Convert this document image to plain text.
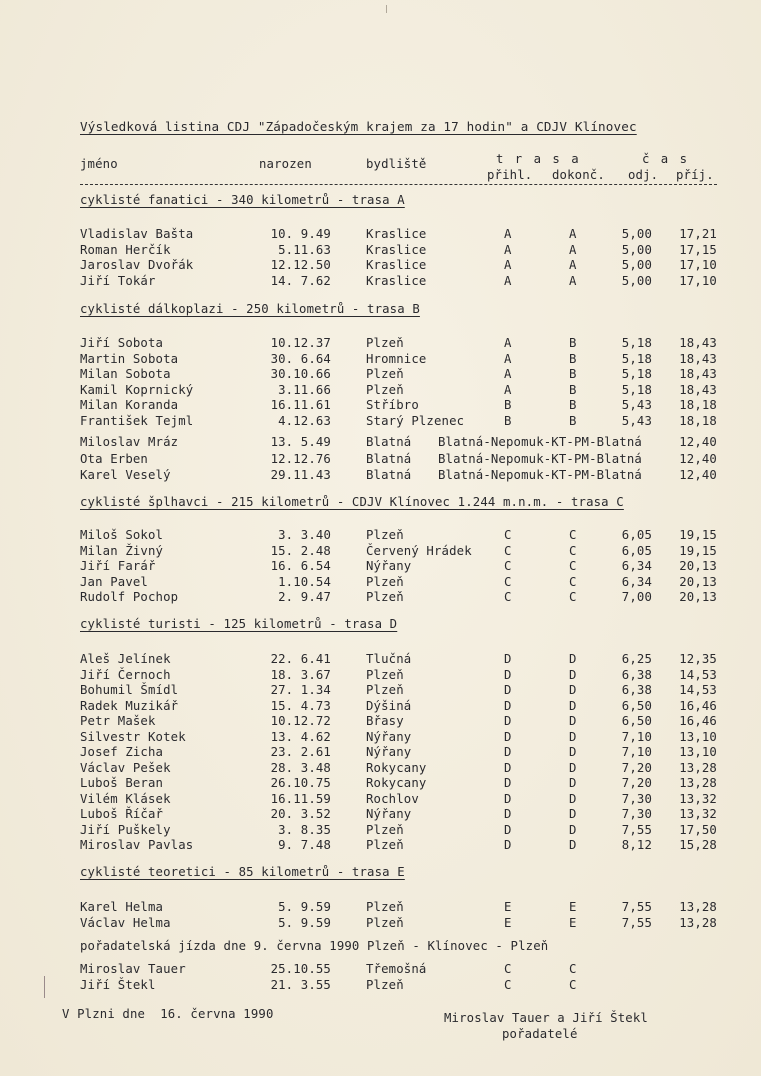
Výsledková listina CDJ "Západočeským krajem za 17 hodin" a CDJV Klínovec
jméno	narozen	bydliště	t r a s a	č a s
přihl. dokonč. odj. příj.
cyklisté fanatici - 340 kilometrů - trasa A
Vladislav Bašta	10. 9.49	Kraslice	A	A	5,00	17,21
Roman Herčík	5.11.63	Kraslice	A	A	5,00	17,15
Jaroslav Dvořák	12.12.50	Kraslice	A	A	5,00	17,10
Jiří Tokár	14. 7.62	Kraslice	A	A	5,00	17,10
cyklisté dálkoplazi - 250 kilometrů - trasa B
Jiří Sobota	10.12.37	Plzeň	A	B	5,18	18,43
Martin Sobota	30. 6.64	Hromnice	A	B	5,18	18,43
Milan Sobota	30.10.66	Plzeň	A	B	5,18	18,43
Kamil Koprnický	3.11.66	Plzeň	A	B	5,18	18,43
Milan Koranda	16.11.61	Stříbro	B	B	5,43	18,18
František Tejml	4.12.63	Starý Plzenec	B	B	5,43	18,18
Miloslav Mráz	13. 5.49	Blatná Blatná-Nepomuk-KT-PM-Blatná	12,40
Ota Erben	12.12.76	Blatná Blatná-Nepomuk-KT-PM-Blatná	12,40
Karel Veselý	29.11.43	Blatná Blatná-Nepomuk-KT-PM-Blatná	12,40
cyklisté šplhavci - 215 kilometrů - CDJV Klínovec 1.244 m.n.m. - trasa C
Miloš Sokol	3. 3.40	Plzeň	C	C	6,05	19,15
Milan Živný	15. 2.48	Červený Hrádek	C	C	6,05	19,15
Jiří Farář	16. 6.54	Nýřany	C	C	6,34	20,13
Jan Pavel	1.10.54	Plzeň	C	C	6,34	20,13
Rudolf Pochop	2. 9.47	Plzeň	C	C	7,00	20,13
cyklisté turisti - 125 kilometrů - trasa D
Aleš Jelínek	22. 6.41	Tlučná	D	D	6,25	12,35
Jiří Černoch	18. 3.67	Plzeň	D	D	6,38	14,53
Bohumil Šmídl	27. 1.34	Plzeň	D	D	6,38	14,53
Radek Muzikář	15. 4.73	Dýšiná	D	D	6,50	16,46
Petr Mašek	10.12.72	Břasy	D	D	6,50	16,46
Silvestr Kotek	13. 4.62	Nýřany	D	D	7,10	13,10
Josef Zicha	23. 2.61	Nýřany	D	D	7,10	13,10
Václav Pešek	28. 3.48	Rokycany	D	D	7,20	13,28
Luboš Beran	26.10.75	Rokycany	D	D	7,20	13,28
Vilém Klásek	16.11.59	Rochlov	D	D	7,30	13,32
Luboš Říčař	20. 3.52	Nýřany	D	D	7,30	13,32
Jiří Puškely	3. 8.35	Plzeň	D	D	7,55	17,50
Miroslav Pavlas	9. 7.48	Plzeň	D	D	8,12	15,28
cyklisté teoretici - 85 kilometrů - trasa E
Karel Helma	5. 9.59	Plzeň	E	E	7,55	13,28
Václav Helma	5. 9.59	Plzeň	E	E	7,55	13,28
Miroslav Tauer	25.10.55	Třemošná	C	C
Jiří Štekl	21. 3.55	Plzeň	C	C
pořadatelská jízda dne 9. června 1990 Plzeň - Klínovec - Plzeň
V Plzni dne  16. června 1990	Miroslav Tauer a Jiří Štekl
pořadatelé
